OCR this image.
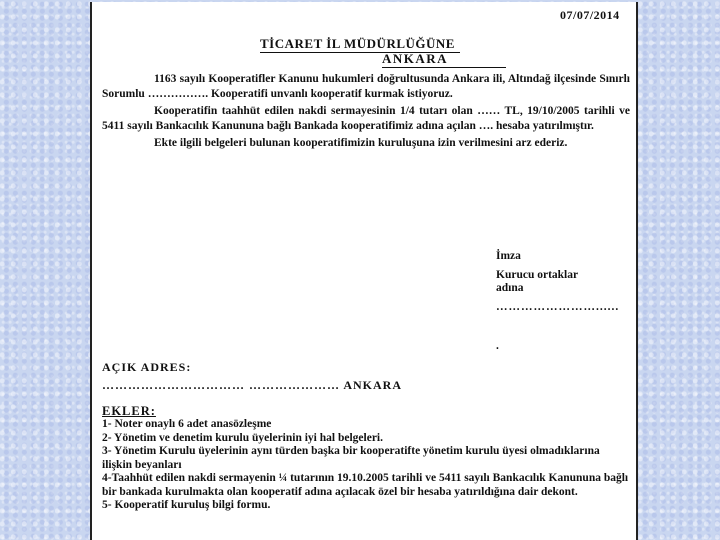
07/07/2014
TİCARET İL MÜDÜRLÜĞÜNE
ANKARA

1163 sayılı Kooperatifler Kanunu hukumleri doğrultusunda Ankara ili, Altındağ ilçesinde Sınırlı Sorumlu ……………. Kooperatifi unvanlı kooperatif kurmak istiyoruz.

Kooperatifin taahhüt edilen nakdi sermayesinin 1/4 tutarı olan …… TL, 19/10/2005 tarihli ve 5411 sayılı Bankacılık Kanununa bağlı Bankada kooperatifimiz adına açılan …. hesaba yatırılmıştır.

Ekte ilgili belgeleri bulunan kooperatifimizin kuruluşuna izin verilmesini arz ederiz.

İmza
Kurucu ortaklar
adına
……………………......
.
AÇIK ADRES:
…………………………… ………………… ANKARA
EKLER:
1- Noter onaylı 6 adet anasözleşme
2- Yönetim ve denetim kurulu üyelerinin iyi hal belgeleri.
3- Yönetim Kurulu üyelerinin aynı türden başka bir kooperatifte yönetim kurulu üyesi olmadıklarına ilişkin beyanları
4-Taahhüt edilen nakdi sermayenin ¼ tutarının 19.10.2005 tarihli ve 5411 sayılı Bankacılık Kanununa bağlı bir bankada kurulmakta olan kooperatif adına açılacak özel bir hesaba yatırıldığına dair dekont.
5- Kooperatif kuruluş bilgi formu.
